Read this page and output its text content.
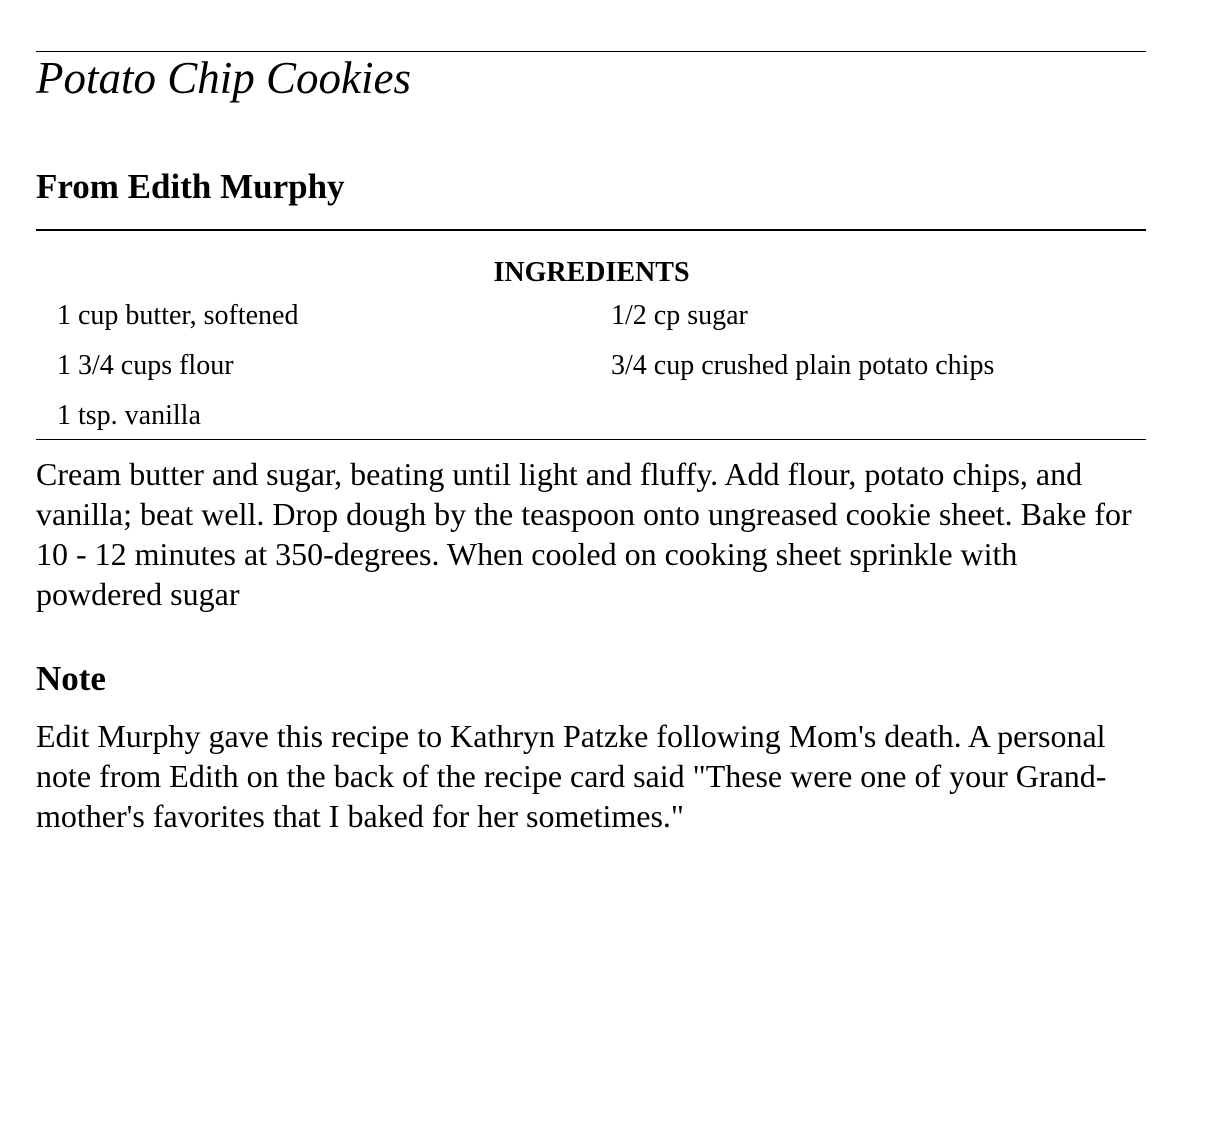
Potato Chip Cookies
From Edith Murphy
INGREDIENTS
1 cup butter, softened	1/2 cp sugar
1 3/4 cups flour	3/4 cup crushed plain potato chips
1 tsp. vanilla
Cream butter and sugar, beating until light and fluffy. Add flour, potato chips, and vanilla; beat well. Drop dough by the teaspoon onto ungreased cookie sheet. Bake for 10 - 12 minutes at 350-degrees. When cooled on cooking sheet sprinkle with powdered sugar
Note
Edit Murphy gave this recipe to Kathryn Patzke following Mom's death. A personal note from Edith on the back of the recipe card said "These were one of your Grand-mother's favorites that I baked for her sometimes."
